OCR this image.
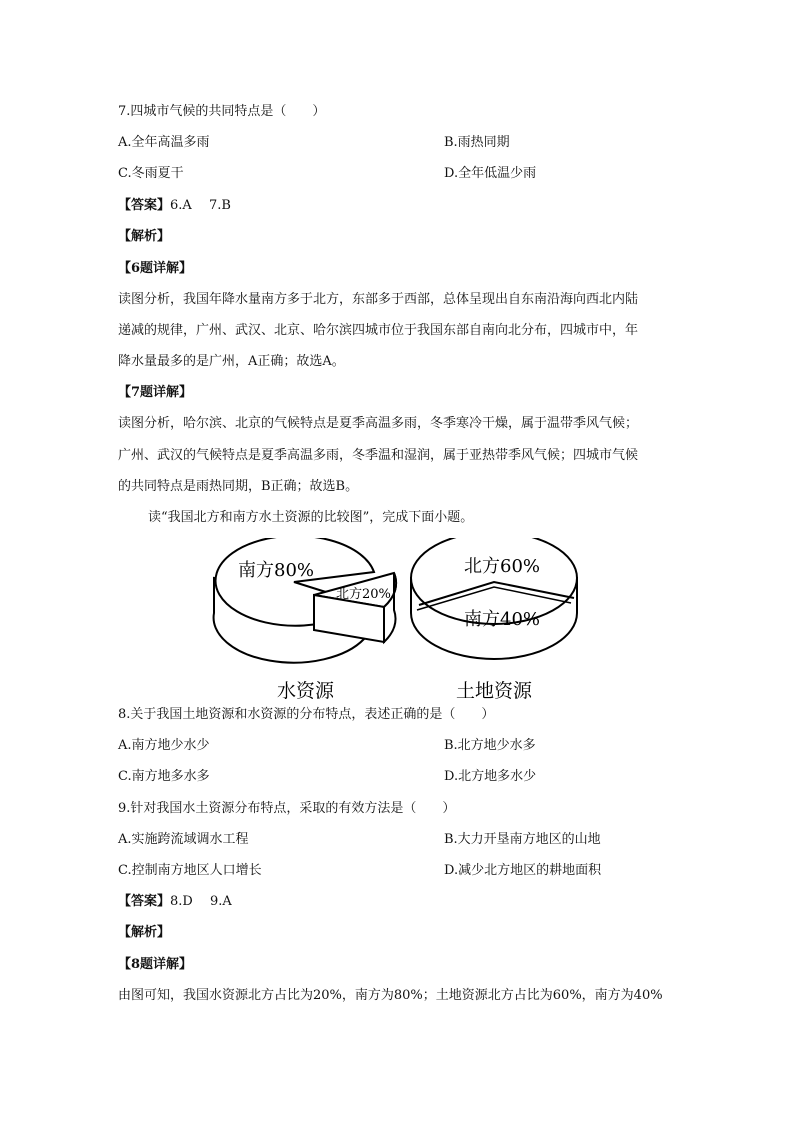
7.四城市气候的共同特点是（　　）
A.全年高温多雨	B.雨热同期
C.冬雨夏干	D.全年低温少雨
【答案】6.A　 7.B
【解析】
【6题详解】
读图分析，我国年降水量南方多于北方，东部多于西部，总体呈现出自东南沿海向西北内陆
递减的规律，广州、武汉、北京、哈尔滨四城市位于我国东部自南向北分布，四城市中，年
降水量最多的是广州，A正确；故选A。
【7题详解】
读图分析，哈尔滨、北京的气候特点是夏季高温多雨，冬季寒冷干燥，属于温带季风气候；
广州、武汉的气候特点是夏季高温多雨，冬季温和湿润，属于亚热带季风气候；四城市气候
的共同特点是雨热同期，B正确；故选B。
读“我国北方和南方水土资源的比较图”，完成下面小题。
南方80%
北方20%
北方60%
南方40%
水资源	土地资源
8.关于我国土地资源和水资源的分布特点，表述正确的是（　　）
A.南方地少水少	B.北方地少水多
C.南方地多水多	D.北方地多水少
9.针对我国水土资源分布特点，采取的有效方法是（　　）
A.实施跨流域调水工程	B.大力开垦南方地区的山地
C.控制南方地区人口增长	D.减少北方地区的耕地面积
【答案】8.D　 9.A
【解析】
【8题详解】
由图可知，我国水资源北方占比为20%，南方为80%；土地资源北方占比为60%，南方为40%
